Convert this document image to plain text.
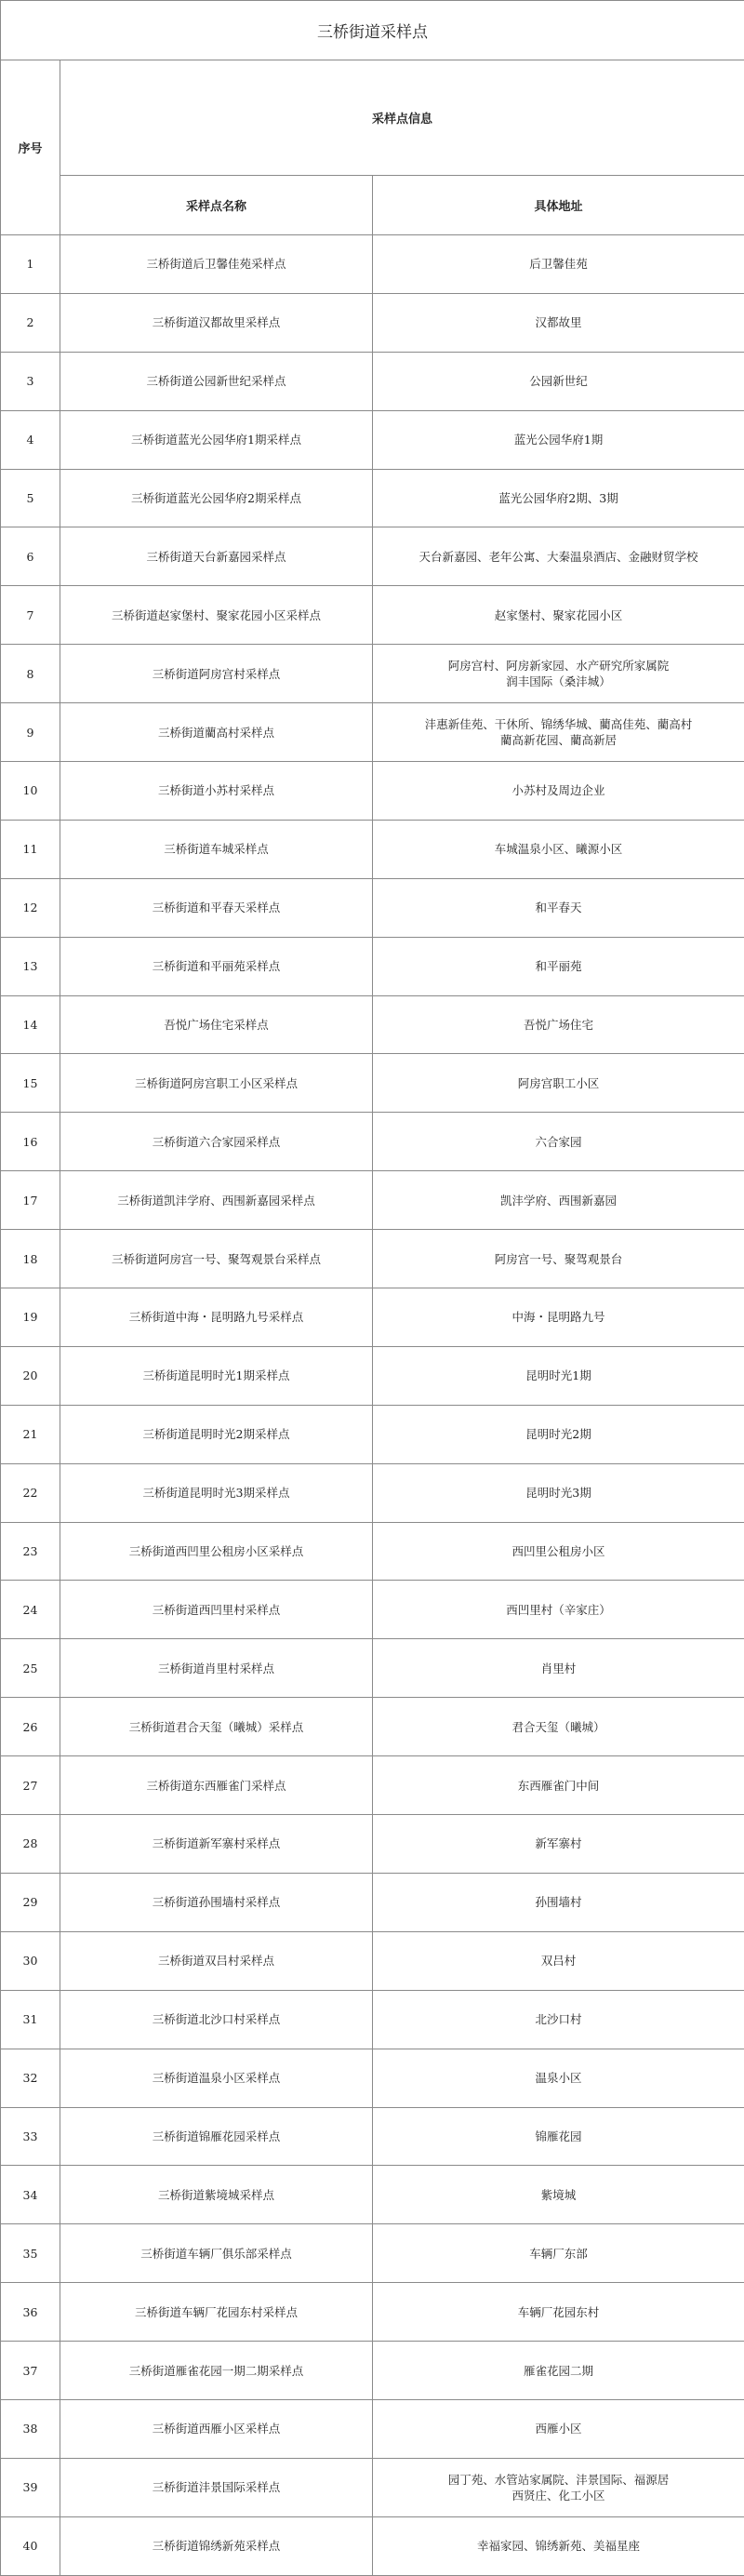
三桥街道采样点		
序号	采样点信息	
	采样点名称	具体地址
1	三桥街道后卫馨佳苑采样点	后卫馨佳苑

2	三桥街道汉都故里采样点	汉都故里

3	三桥街道公园新世纪采样点	公园新世纪

4	三桥街道蓝光公园华府1期采样点	蓝光公园华府1期

5	三桥街道蓝光公园华府2期采样点	蓝光公园华府2期、3期

6	三桥街道天台新嘉园采样点	天台新嘉园、老年公寓、大秦温泉酒店、金融财贸学校

7	三桥街道赵家堡村、聚家花园小区采样点	赵家堡村、聚家花园小区

8	三桥街道阿房宫村采样点	阿房宫村、阿房新家园、水产研究所家属院
润丰国际（桑沣城）

9	三桥街道藺高村采样点	沣惠新佳苑、干休所、锦绣华城、藺高佳苑、藺高村
藺高新花园、藺高新居

10	三桥街道小苏村采样点	小苏村及周边企业

11	三桥街道车城采样点	车城温泉小区、曦源小区

12	三桥街道和平春天采样点	和平春天

13	三桥街道和平丽苑采样点	和平丽苑

14	吾悦广场住宅采样点	吾悦广场住宅

15	三桥街道阿房宫职工小区采样点	阿房宫职工小区

16	三桥街道六合家园采样点	六合家园

17	三桥街道凯沣学府、西围新嘉园采样点	凯沣学府、西围新嘉园

18	三桥街道阿房宫一号、聚驾观景台采样点	阿房宫一号、聚驾观景台

19	三桥街道中海・昆明路九号采样点	中海・昆明路九号

20	三桥街道昆明时光1期采样点	昆明时光1期

21	三桥街道昆明时光2期采样点	昆明时光2期

22	三桥街道昆明时光3期采样点	昆明时光3期

23	三桥街道西凹里公租房小区采样点	西凹里公租房小区

24	三桥街道西凹里村采样点	西凹里村（辛家庄）

25	三桥街道肖里村采样点	肖里村

26	三桥街道君合天玺（曦城）采样点	君合天玺（曦城）

27	三桥街道东西雁雀门采样点	东西雁雀门中间

28	三桥街道新军寨村采样点	新军寨村

29	三桥街道孙围墙村采样点	孙围墙村

30	三桥街道双吕村采样点	双吕村

31	三桥街道北沙口村采样点	北沙口村

32	三桥街道温泉小区采样点	温泉小区

33	三桥街道锦雁花园采样点	锦雁花园

34	三桥街道紫境城采样点	紫境城

35	三桥街道车辆厂俱乐部采样点	车辆厂东部

36	三桥街道车辆厂花园东村采样点	车辆厂花园东村

37	三桥街道雁雀花园一期二期采样点	雁雀花园二期

38	三桥街道西雁小区采样点	西雁小区

39	三桥街道沣景国际采样点	园丁苑、水管站家属院、沣景国际、福源居
西贤庄、化工小区

40	三桥街道锦绣新苑采样点	幸福家园、锦绣新苑、美福星座
